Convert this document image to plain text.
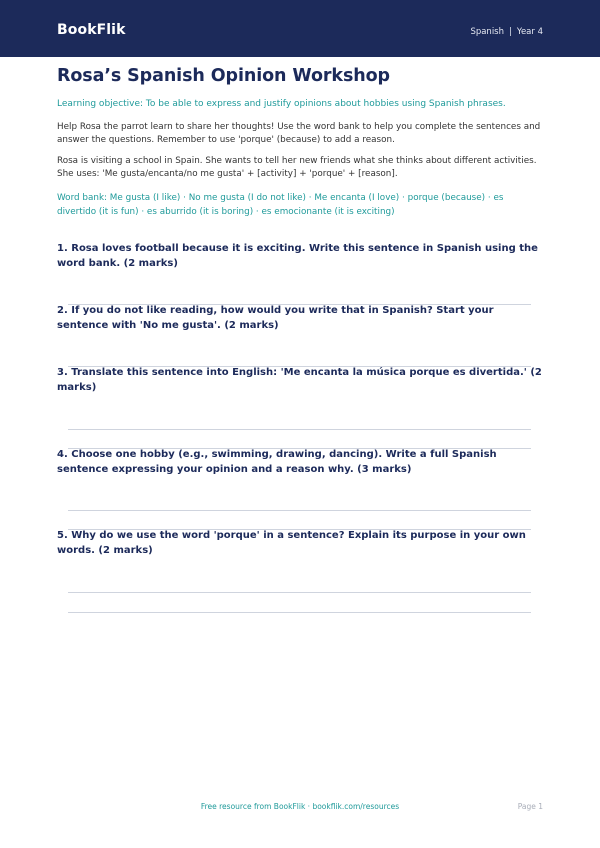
BookFlik	Spanish | Year 4
Rosa’s Spanish Opinion Workshop
Learning objective: To be able to express and justify opinions about hobbies using Spanish phrases.
Help Rosa the parrot learn to share her thoughts! Use the word bank to help you complete the sentences and answer the questions. Remember to use 'porque' (because) to add a reason.
Rosa is visiting a school in Spain. She wants to tell her new friends what she thinks about different activities. She uses: 'Me gusta/encanta/no me gusta' + [activity] + 'porque' + [reason].
Word bank: Me gusta (I like) · No me gusta (I do not like) · Me encanta (I love) · porque (because) · es divertido (it is fun) · es aburrido (it is boring) · es emocionante (it is exciting)
1. Rosa loves football because it is exciting. Write this sentence in Spanish using the word bank. (2 marks)
2. If you do not like reading, how would you write that in Spanish? Start your sentence with 'No me gusta'. (2 marks)
3. Translate this sentence into English: 'Me encanta la música porque es divertida.' (2 marks)
4. Choose one hobby (e.g., swimming, drawing, dancing). Write a full Spanish sentence expressing your opinion and a reason why. (3 marks)
5. Why do we use the word 'porque' in a sentence? Explain its purpose in your own words. (2 marks)
Free resource from BookFlik · bookflik.com/resources	Page 1
